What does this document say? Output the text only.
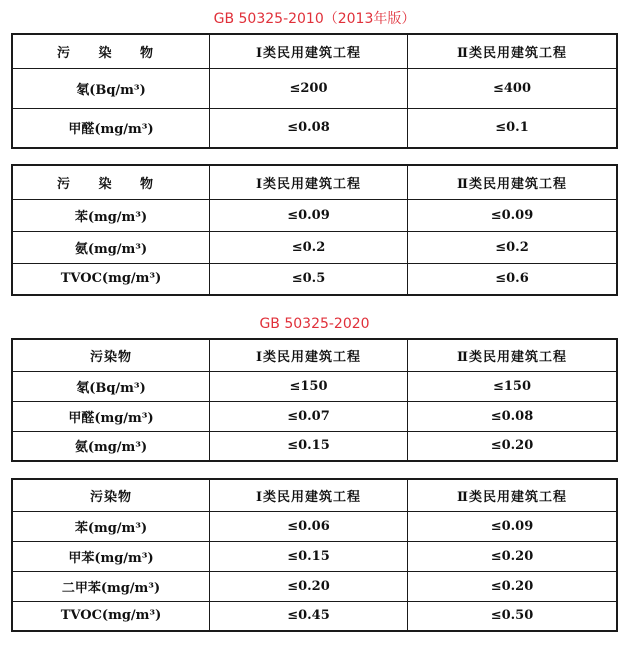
GB 50325-2010（2013年版）
污 染 物	Ⅰ类民用建筑工程	Ⅱ类民用建筑工程
氡(Bq/m³)	≤200	≤400
甲醛(mg/m³)	≤0.08	≤0.1
污 染 物	Ⅰ类民用建筑工程	Ⅱ类民用建筑工程
苯(mg/m³)	≤0.09	≤0.09
氨(mg/m³)	≤0.2	≤0.2
TVOC(mg/m³)	≤0.5	≤0.6
GB 50325-2020
污染物	Ⅰ类民用建筑工程	Ⅱ类民用建筑工程
氡(Bq/m³)	≤150	≤150
甲醛(mg/m³)	≤0.07	≤0.08
氨(mg/m³)	≤0.15	≤0.20
污染物	Ⅰ类民用建筑工程	Ⅱ类民用建筑工程
苯(mg/m³)	≤0.06	≤0.09
甲苯(mg/m³)	≤0.15	≤0.20
二甲苯(mg/m³)	≤0.20	≤0.20
TVOC(mg/m³)	≤0.45	≤0.50
